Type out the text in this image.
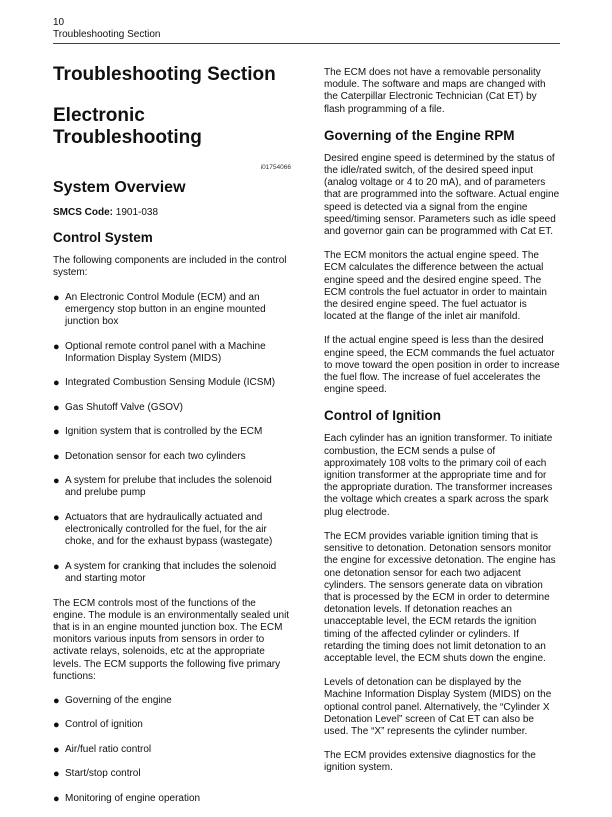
10
Troubleshooting Section
Troubleshooting Section
Electronic Troubleshooting
i01754066
System Overview

SMCS Code: 1901-038

Control System

The following components are included in the control system:

● An Electronic Control Module (ECM) and an emergency stop button in an engine mounted junction box
● Optional remote control panel with a Machine Information Display System (MIDS)
● Integrated Combustion Sensing Module (ICSM)
● Gas Shutoff Valve (GSOV)
● Ignition system that is controlled by the ECM
● Detonation sensor for each two cylinders
● A system for prelube that includes the solenoid and prelube pump
● Actuators that are hydraulically actuated and electronically controlled for the fuel, for the air choke, and for the exhaust bypass (wastegate)
● A system for cranking that includes the solenoid and starting motor

The ECM controls most of the functions of the engine. The module is an environmentally sealed unit that is in an engine mounted junction box. The ECM monitors various inputs from sensors in order to activate relays, solenoids, etc at the appropriate levels. The ECM supports the following five primary functions:

● Governing of the engine
● Control of ignition
● Air/fuel ratio control
● Start/stop control
● Monitoring of engine operation

The ECM does not have a removable personality module. The software and maps are changed with the Caterpillar Electronic Technician (Cat ET) by flash programming of a file.

Governing of the Engine RPM

Desired engine speed is determined by the status of the idle/rated switch, of the desired speed input (analog voltage or 4 to 20 mA), and of parameters that are programmed into the software. Actual engine speed is detected via a signal from the engine speed/timing sensor. Parameters such as idle speed and governor gain can be programmed with Cat ET.

The ECM monitors the actual engine speed. The ECM calculates the difference between the actual engine speed and the desired engine speed. The ECM controls the fuel actuator in order to maintain the desired engine speed. The fuel actuator is located at the flange of the inlet air manifold.

If the actual engine speed is less than the desired engine speed, the ECM commands the fuel actuator to move toward the open position in order to increase the fuel flow. The increase of fuel accelerates the engine speed.

Control of Ignition

Each cylinder has an ignition transformer. To initiate combustion, the ECM sends a pulse of approximately 108 volts to the primary coil of each ignition transformer at the appropriate time and for the appropriate duration. The transformer increases the voltage which creates a spark across the spark plug electrode.

The ECM provides variable ignition timing that is sensitive to detonation. Detonation sensors monitor the engine for excessive detonation. The engine has one detonation sensor for each two adjacent cylinders. The sensors generate data on vibration that is processed by the ECM in order to determine detonation levels. If detonation reaches an unacceptable level, the ECM retards the ignition timing of the affected cylinder or cylinders. If retarding the timing does not limit detonation to an acceptable level, the ECM shuts down the engine.

Levels of detonation can be displayed by the Machine Information Display System (MIDS) on the optional control panel. Alternatively, the “Cylinder X Detonation Level” screen of Cat ET can also be used. The “X” represents the cylinder number.

The ECM provides extensive diagnostics for the ignition system.
